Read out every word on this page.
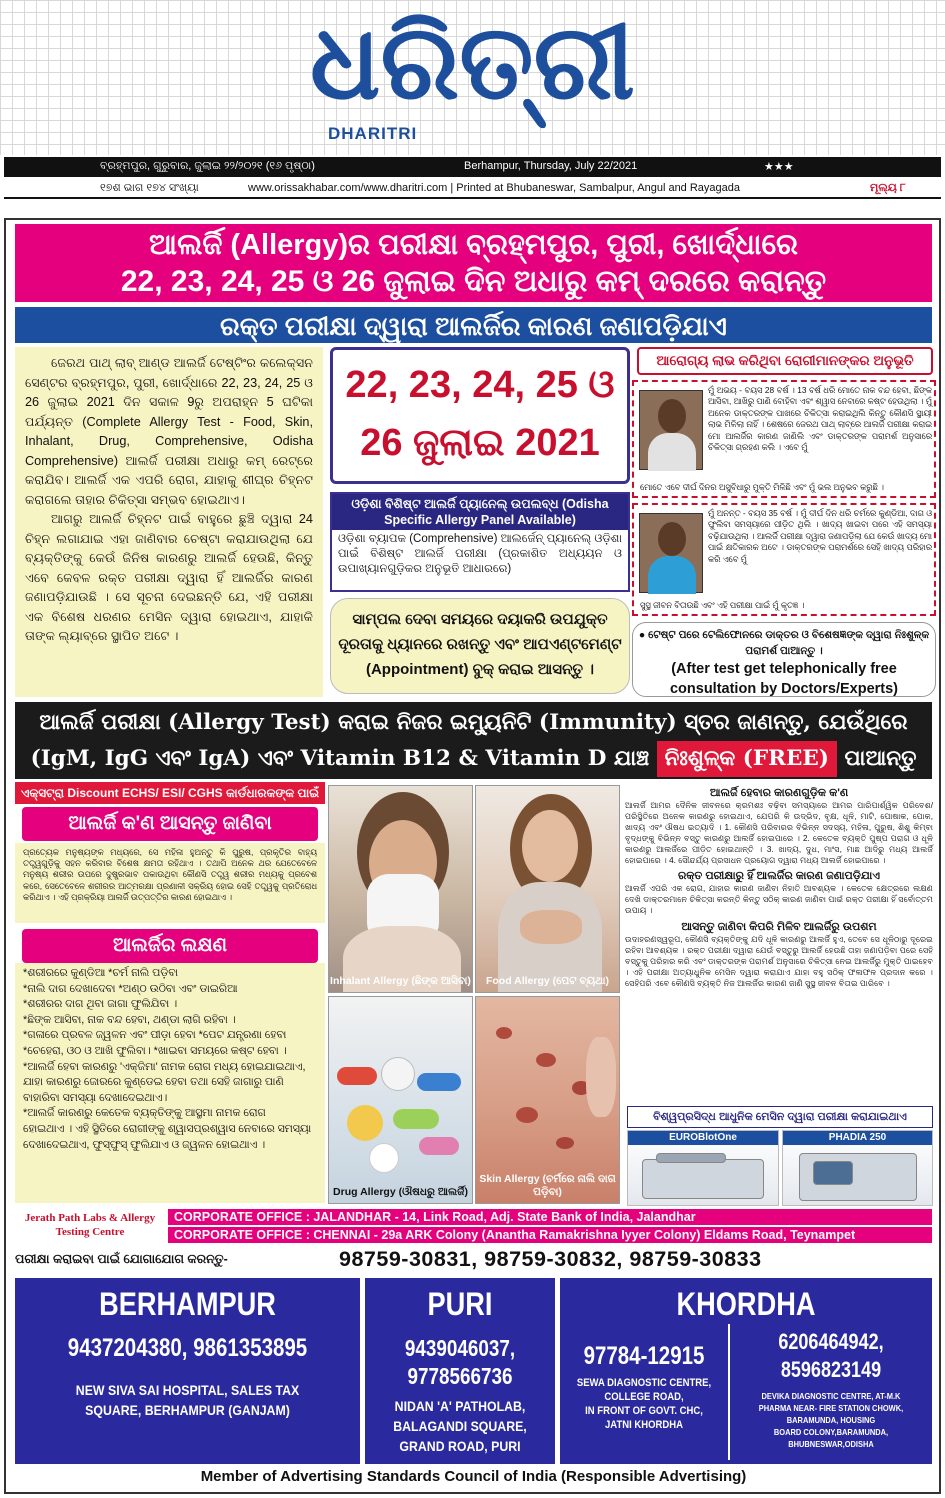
ଧରିତ୍ରୀ
DHARITRI
ବ୍ରହ୍ମପୁର, ଗୁରୁବାର, ଜୁଲାଇ ୨୨/୨୦୨୧ (୧୬ ପୃଷ୍ଠା)	Berhampur, Thursday, July 22/2021	★★★
୧୭ଶ ଭାଗ ୧୭୪ ସଂଖ୍ୟା	www.orissakhabar.com/www.dharitri.com | Printed at Bhubaneswar, Sambalpur, Angul and Rayagada	ମୂଲ୍ୟ ୮
ଆଲର୍ଜି (Allergy)ର ପରୀକ୍ଷା ବ୍ରହ୍ମପୁର, ପୁରୀ, ଖୋର୍ଦ୍ଧାରେ
22, 23, 24, 25 ଓ 26 ଜୁଲାଇ ଦିନ ଅଧାରୁ କମ୍ ଦରରେ କରାନ୍ତୁ
ରକ୍ତ ପରୀକ୍ଷା ଦ୍ୱାରା ଆଲର୍ଜିର କାରଣ ଜଣାପଡ଼ିଯାଏ

ଜେରଥ ପାଥ୍ ଲାବ୍ ଆଣ୍ଡ ଆଲର୍ଜି ଟେଷ୍ଟିଂର କଲେକ୍ସନ ସେଣ୍ଟର ବ୍ରହ୍ମପୁର, ପୁରୀ, ଖୋର୍ଦ୍ଧାରେ 22, 23, 24, 25 ଓ 26 ଜୁଲାଇ 2021 ଦିନ ସକାଳ 9ରୁ ଅପରାହ୍ନ 5 ଘଟିକା ପର୍ଯ୍ୟନ୍ତ (Complete Allergy Test - Food, Skin, Inhalant, Drug, Comprehensive, Odisha Comprehensive) ଆଲର୍ଜି ପରୀକ୍ଷା ଅଧାରୁ କମ୍ ରେଟ୍‌ରେ କରାଯିବ। ଆଲର୍ଜି ଏକ ଏପରି ରୋଗ, ଯାହାକୁ ଶୀଘ୍ର ଚିହ୍ନଟ କରାଗଲେ ତାହାର ଚିକିତ୍ସା ସମ୍ଭବ ହୋଇଥାଏ।

ଆଗରୁ ଆଲର୍ଜି ଚିହ୍ନଟ ପାଇଁ ବାହୁରେ ଛୁଞ୍ଚି ଦ୍ୱାରା 24 ଚିହ୍ନ ଲଗାଯାଇ ଏହା ଜାଣିବାର ଚେଷ୍ଟା କରାଯାଉଥିଲା ଯେ ବ୍ୟକ୍ତିଙ୍କୁ କେଉଁ ଜିନିଷ କାରଣରୁ ଆଲର୍ଜି ହେଉଛି, କିନ୍ତୁ ଏବେ କେବଳ ରକ୍ତ ପରୀକ୍ଷା ଦ୍ୱାରା ହିଁ ଆଲର୍ଜିର କାରଣ ଜଣାପଡ଼ିଯାଉଛି । ସେ ସୂଚନା ଦେଇଛନ୍ତି ଯେ, ଏହି ପରୀକ୍ଷା ଏକ ବିଶେଷ ଧରଣର ମେସିନ ଦ୍ୱାରା ହୋଇଥାଏ, ଯାହାକି ତାଙ୍କ ଲ୍ୟାବ୍‌ରେ ସ୍ଥାପିତ ଅଟେ ।

22, 23, 24, 25 ଓ
26 ଜୁଲାଇ 2021
ଓଡ଼ିଶା ବିଶିଷ୍ଟ ଆଲର୍ଜି ପ୍ୟାନେଲ୍ ଉପଲବ୍ଧ (Odisha Specific Allergy Panel Available)
ଓଡ଼ିଶା ବ୍ୟାପକ (Comprehensive) ଆଲର୍ଜେନ୍ ପ୍ୟାନେଲ୍ ଓଡ଼ିଶା ପାଇଁ ବିଶିଷ୍ଟ ଆଲର୍ଜି ପରୀକ୍ଷା (ପ୍ରକାଶିତ ଅଧ୍ୟୟନ ଓ ଉପାଖ୍ୟାନଗୁଡ଼ିକର ଅନୁଭୂତି ଆଧାରରେ)
ସାମ୍ପଲ ଦେବା ସମୟରେ ଦୟାକରି ଉପଯୁକ୍ତ ଦୂରତାକୁ ଧ୍ୟାନରେ ରଖନ୍ତୁ ଏବଂ ଆପଏଣ୍ଟମେଣ୍ଟ (Appointment) ବୁକ୍ କରାଇ ଆସନ୍ତୁ ।
ଆରୋଗ୍ୟ ଲାଭ କରିଥିବା ରୋଗୀମାନଙ୍କର ଅନୁଭୂତି
ମୁଁ ଅଭୟ - ବୟସ 28 ବର୍ଷ । 13 ବର୍ଷ ଧରି ମୋତେ ନାକ ବନ୍ଦ ହେବା, ଛିଙ୍କ ଆସିବା, ଆଖିରୁ ପାଣି ବୋହିବା ଏବଂ ଶ୍ୱାସ ନେବାରେ କଷ୍ଟ ହେଉଥିଲା । ମୁଁ ଅନେକ ଡାକ୍ତରଙ୍କ ପାଖରେ ଚିକିତ୍ସା କରାଇଥିଲି କିନ୍ତୁ କୌଣସି ସ୍ଥାୟୀ ଲାଭ ମିଳିଲା ନାହିଁ । ଶେଷରେ ଜେରଥ ପାଥ୍ ଲାବ୍‌ରେ ଆଲର୍ଜି ପରୀକ୍ଷା କରାଇ ମୋ ଆଲର୍ଜିର କାରଣ ଜାଣିଲି ଏବଂ ଡାକ୍ତରଙ୍କ ପରାମର୍ଶ ଅନୁସାରେ ଚିକିତ୍ସା ଗ୍ରହଣ କଲି । ଏବେ ମୁଁ
ମୋତେ ଏବେ ଦୀର୍ଘ ଦିନର ଅସୁବିଧାରୁ ମୁକ୍ତି ମିଳିଛି ଏବଂ ମୁଁ ଭଲ ଅନୁଭବ କରୁଛି ।
ମୁଁ ଅନନ୍ତ - ବୟସ 35 ବର୍ଷ । ମୁଁ ଦୀର୍ଘ ଦିନ ଧରି ଚର୍ମରେ କୁଣ୍ଡିଆ, ଦାଗ ଓ ଫୁଲିବା ସମସ୍ୟାରେ ପୀଡ଼ିତ ଥିଲି । ଖାଦ୍ୟ ଖାଇବା ପରେ ଏହି ସମସ୍ୟା ବଢ଼ିଯାଉଥିଲା । ଆଲର୍ଜି ପରୀକ୍ଷା ଦ୍ୱାରା ଜଣାପଡ଼ିଲା ଯେ କେଉଁ ଖାଦ୍ୟ ମୋ ପାଇଁ କ୍ଷତିକାରକ ଅଟେ । ଡାକ୍ତରଙ୍କ ପରାମର୍ଶରେ ସେହି ଖାଦ୍ୟ ପରିହାର କରି ଏବେ ମୁଁ
ସୁସ୍ଥ ଜୀବନ ବିତାଉଛି ଏବଂ ଏହି ପରୀକ୍ଷା ପାଇଁ ମୁଁ କୃତଜ୍ଞ ।
● ଟେଷ୍ଟ ପରେ ଟେଲିଫୋନରେ ଡାକ୍ତର ଓ ବିଶେଷଜ୍ଞଙ୍କ ଦ୍ୱାରା ନିଃଶୁଳ୍କ ପରାମର୍ଶ ପାଆନ୍ତୁ ।
(After test get telephonically free consultation by Doctors/Experts)
ଆଲର୍ଜି ପରୀକ୍ଷା (Allergy Test) କରାଇ ନିଜର ଇମ୍ୟୁନିଟି (Immunity) ସ୍ତର ଜାଣନ୍ତୁ, ଯେଉଁଥିରେ
(IgM, IgG ଏବଂ IgA) ଏବଂ Vitamin B12 & Vitamin D ଯାଞ୍ଚ ନିଃଶୁଳ୍କ (FREE) ପାଆନ୍ତୁ
ଏକ୍ସଟ୍ରା Discount ECHS/ ESI/ CGHS କାର୍ଡଧାରକଙ୍କ ପାଇଁ
ଆଲର୍ଜି କ'ଣ ଆସନ୍ତୁ ଜାଣିବା
ପ୍ରତ୍ୟେକ ମନୁଷ୍ୟଙ୍କ ମଧ୍ୟରେ, ସେ ମହିଳା ହୁଅନ୍ତୁ କି ପୁରୁଷ, ପ୍ରକୃତିର ବାହ୍ୟ ତତ୍ତ୍ୱଗୁଡ଼ିକୁ ସହନ କରିବାର ବିଶେଷ କ୍ଷମତା ରହିଥାଏ । ତଥାପି ଅନେକ ଥର ଯେତେବେଳେ ମନୁଷ୍ୟ ଶରୀର ଉପରେ ଦୁଷ୍ପ୍ରଭାବ ପକାଉଥିବା କୌଣସି ତତ୍ତ୍ୱ ଶରୀର ମଧ୍ୟକୁ ପ୍ରବେଶ କରେ, ସେତେବେଳେ ଶରୀରର ଆତ୍ମରକ୍ଷା ପ୍ରଣାଳୀ ସକ୍ରିୟ ହୋଇ ସେହି ତତ୍ତ୍ୱକୁ ପ୍ରତିରୋଧ କରିଥାଏ । ଏହି ପ୍ରକ୍ରିୟା ଆଲର୍ଜି ଉତ୍ପତ୍ତିର କାରଣ ହୋଇଥାଏ ।
ଆଲର୍ଜିର ଲକ୍ଷଣ
*ଶରୀରରେ କୁଣ୍ଡିଆ *ଚର୍ମ ନାଲି ପଡ଼ିବା
*ନାଲି ଦାଗ ଦେଖାଦେବା *ଅଣ୍ଠ ଉଠିବା ଏବଂ ଡାଇରିଆ
*ଶରୀରର ଦାଗ ଥିବା ଜାଗା ଫୁଲିଯିବା ।
*ଛିଙ୍କ ଆସିବା, ନାକ ବନ୍ଦ ହେବା, ଥଣ୍ଡା ଲାଗି ରହିବା ।
*ଗଳାରେ ପ୍ରବଳ ଜ୍ୱଳନ ଏବଂ ପୀଡ଼ା ହେବା *ପେଟ ଯନ୍ତ୍ରଣା ହେବା
*ଚେହେରା, ଓଠ ଓ ଆଖି ଫୁଲିବା। *ଖାଇବା ସମୟରେ କଷ୍ଟ ହେବା ।
*ଆଲର୍ଜି ହେବା କାରଣରୁ 'ଏକ୍‌ଜିମା' ନାମକ ରୋଗ ମଧ୍ୟ ହୋଇଯାଇଥାଏ,
ଯାହା କାରଣରୁ ଜୋରରେ କୁଣ୍ଡେଇ ହେବା ତଥା ସେହି ଜାଗାରୁ ପାଣି
ବାହାରିବା ସମସ୍ୟା ଦେଖାଦେଇଥାଏ।
*ଆଲର୍ଜି କାରଣରୁ କେତେକ ବ୍ୟକ୍ତିଙ୍କୁ ଆସ୍ଥମା ନାମକ ରୋଗ
ହୋଇଥାଏ । ଏହି ସ୍ଥିତିରେ ରୋଗୀଙ୍କୁ ଶ୍ୱାସପ୍ରଶ୍ୱାସ ନେବାରେ ସମସ୍ୟା
ଦେଖାଦେଇଥାଏ, ଫୁସ୍‌ଫୁସ୍ ଫୁଲିଯାଏ ଓ ଜ୍ୱଳନ ହୋଇଥାଏ ।
Inhalant Allergy (ଛିଙ୍କ ଆସିବା)	Food Allergy (ପେଟ ବ୍ୟଥା)
Drug Allergy (ଔଷଧରୁ ଆଲର୍ଜି)
Skin Allergy (ଚର୍ମରେ ନାଲି ଦାଗ ପଡ଼ିବା)
ଆଲର୍ଜି ହେବାର କାରଣଗୁଡ଼ିକ କ'ଣ

ଆଲର୍ଜି ଆମର ଦୈନିକ ଜୀବନରେ କ୍ରମଶଃ ବଢ଼ିବା ସମସ୍ୟାରେ ଆମର ପାରିପାର୍ଶ୍ୱିକ ପରିବେଶ/ପରିସ୍ଥିତିରେ ଅନେକ କାରଣରୁ ହୋଇଥାଏ, ଯେପରି କି ଉଦ୍ଭିଦ, ବୃକ୍ଷ, ଧୂଳି, ମାଟି, ପୋଷାକ, ପୋକ, ଖାଦ୍ୟ ଏବଂ ଔଷଧ ଇତ୍ୟାଦି । 1. କୌଣସି ପରିବାରର ବିଭିନ୍ନ ସଦସ୍ୟ, ମହିଳା, ପୁରୁଷ, ଶିଶୁ କିମ୍ବା ବୃଦ୍ଧଙ୍କୁ ବିଭିନ୍ନ ବସ୍ତୁ କାରଣରୁ ଆଲର୍ଜି ହୋଇପାରେ । 2. କେତେକ ବ୍ୟକ୍ତି ପୁଷ୍ପ ପରାଗ ଓ ଧୂଳି କାରଣରୁ ଆଲର୍ଜିରେ ପୀଡ଼ିତ ହୋଇଥାନ୍ତି । 3. ଖାଦ୍ୟ, ଦୁଧ, ମାଂସ, ମାଛ ଆଦିରୁ ମଧ୍ୟ ଆଲର୍ଜି ହୋଇପାରେ । 4. ସୌନ୍ଦର୍ଯ୍ୟ ପ୍ରସାଧନ ପ୍ରୟୋଗ ଦ୍ୱାରା ମଧ୍ୟ ଆଲର୍ଜି ହୋଇପାରେ ।

ରକ୍ତ ପରୀକ୍ଷାରୁ ହିଁ ଆଲର୍ଜିର କାରଣ ଜଣାପଡ଼ିଯାଏ

ଆଲର୍ଜି ଏପରି ଏକ ରୋଗ, ଯାହାର କାରଣ ଜାଣିବା ନିହାତି ଆବଶ୍ୟକ । କେତେକ କ୍ଷେତ୍ରରେ ଲକ୍ଷଣ ଦେଖି ଡାକ୍ତରମାନେ ଚିକିତ୍ସା କରନ୍ତି କିନ୍ତୁ ସଠିକ୍ କାରଣ ଜାଣିବା ପାଇଁ ରକ୍ତ ପରୀକ୍ଷା ହିଁ ସର୍ବୋତ୍ତମ ଉପାୟ ।

ଆସନ୍ତୁ ଜାଣିବା କିପରି ମିଳିବ ଆଲର୍ଜିରୁ ଉପଶମ

ଉଦାହରଣସ୍ୱରୂପ, କୌଣସି ବ୍ୟକ୍ତିଙ୍କୁ ଯଦି ଧୂଳି କାରଣରୁ ଆଲର୍ଜି ହୁଏ, ତେବେ ସେ ଧୂଳିଠାରୁ ଦୂରେଇ ରହିବା ଆବଶ୍ୟକ । ରକ୍ତ ପରୀକ୍ଷା ଦ୍ୱାରା ଯେଉଁ ବସ୍ତୁରୁ ଆଲର୍ଜି ହେଉଛି ତାହା ଜଣାପଡ଼ିବା ପରେ ସେହି ବସ୍ତୁକୁ ପରିହାର କରି ଏବଂ ଡାକ୍ତରଙ୍କ ପରାମର୍ଶ ଅନୁସାରେ ଚିକିତ୍ସା ନେଇ ଆଲର୍ଜିରୁ ମୁକ୍ତି ପାଇହେବ । ଏହି ପରୀକ୍ଷା ଅତ୍ୟାଧୁନିକ ମେସିନ ଦ୍ୱାରା କରାଯାଏ ଯାହା ବହୁ ସଠିକ୍ ଫଳାଫଳ ପ୍ରଦାନ କରେ । ସେହିପରି ଏବେ କୌଣସି ବ୍ୟକ୍ତି ନିଜ ଆଲର୍ଜିର କାରଣ ଜାଣି ସୁସ୍ଥ ଜୀବନ ବିତାଇ ପାରିବେ ।

ବିଶ୍ୱପ୍ରସିଦ୍ଧ ଆଧୁନିକ ମେସିନ ଦ୍ୱାରା ପରୀକ୍ଷା କରାଯାଇଥାଏ
EUROBlotOne	PHADIA 250
Jerath Path Labs & Allergy Testing Centre
CORPORATE OFFICE : JALANDHAR - 14, Link Road, Adj. State Bank of India, Jalandhar
CORPORATE OFFICE : CHENNAI - 29a ARK Colony (Anantha Ramakrishna Iyyer Colony) Eldams Road, Teynampet
ପରୀକ୍ଷା କରାଇବା ପାଇଁ ଯୋଗାଯୋଗ କରନ୍ତୁ-	98759-30831, 98759-30832, 98759-30833
BERHAMPUR
9437204380, 9861353895
NEW SIVA SAI HOSPITAL, SALES TAX
SQUARE, BERHAMPUR (GANJAM)
PURI
9439046037,
9778566736
NIDAN 'A' PATHOLAB,
BALAGANDI SQUARE,
GRAND ROAD, PURI
KHORDHA
97784-12915
SEWA DIAGNOSTIC CENTRE,
COLLEGE ROAD,
IN FRONT OF GOVT. CHC,
JATNI KHORDHA
6206464942,
8596823149
DEVIKA DIAGNOSTIC CENTRE, AT-M.K
PHARMA NEAR- FIRE STATION CHOWK, BARAMUNDA, HOUSING
BOARD COLONY,BARAMUNDA, BHUBNESWAR,ODISHA
Member of Advertising Standards Council of India (Responsible Advertising)
